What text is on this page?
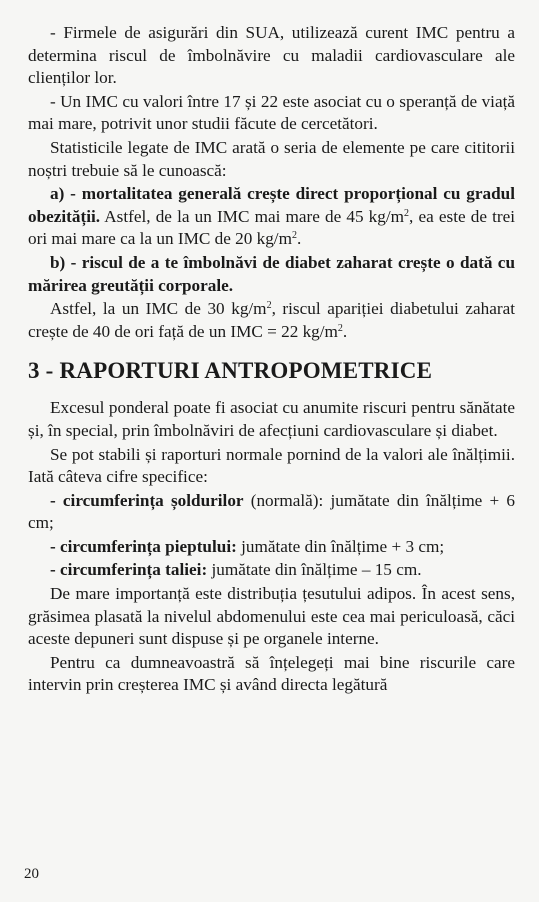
- Firmele de asigurări din SUA, utilizează curent IMC pentru a determina riscul de îmbolnăvire cu maladii cardiovasculare ale clienților lor.

- Un IMC cu valori între 17 și 22 este asociat cu o speranță de viață mai mare, potrivit unor studii făcute de cercetători.

Statisticile legate de IMC arată o seria de elemente pe care cititorii noștri trebuie să le cunoască:

a) - mortalitatea generală crește direct proporțional cu gradul obezității. Astfel, de la un IMC mai mare de 45 $kg/m^2$, ea este de trei ori mai mare ca la un IMC de 20 $kg/m^2$.

b) - riscul de a te îmbolnăvi de diabet zaharat crește o dată cu mărirea greutății corporale.

Astfel, la un IMC de 30 $kg/m^2$, riscul apariției diabetului zaharat crește de 40 de ori față de un IMC = 22 $kg/m^2$.

3 - RAPORTURI ANTROPOMETRICE

Excesul ponderal poate fi asociat cu anumite riscuri pentru sănătate și, în special, prin îmbolnăviri de afecțiuni cardiovasculare și diabet.

Se pot stabili și raporturi normale pornind de la valori ale înălțimii. Iată câteva cifre specifice:

- circumferința șoldurilor (normală): jumătate din înălțime + 6 cm;

- circumferința pieptului: jumătate din înălțime + 3 cm;

- circumferința taliei: jumătate din înălțime – 15 cm.

De mare importanță este distribuția țesutului adipos. În acest sens, grăsimea plasată la nivelul abdomenului este cea mai periculoasă, căci aceste depuneri sunt dispuse și pe organele interne.

Pentru ca dumneavoastră să înțelegeți mai bine riscurile care intervin prin creșterea IMC și având directa legătură

20
